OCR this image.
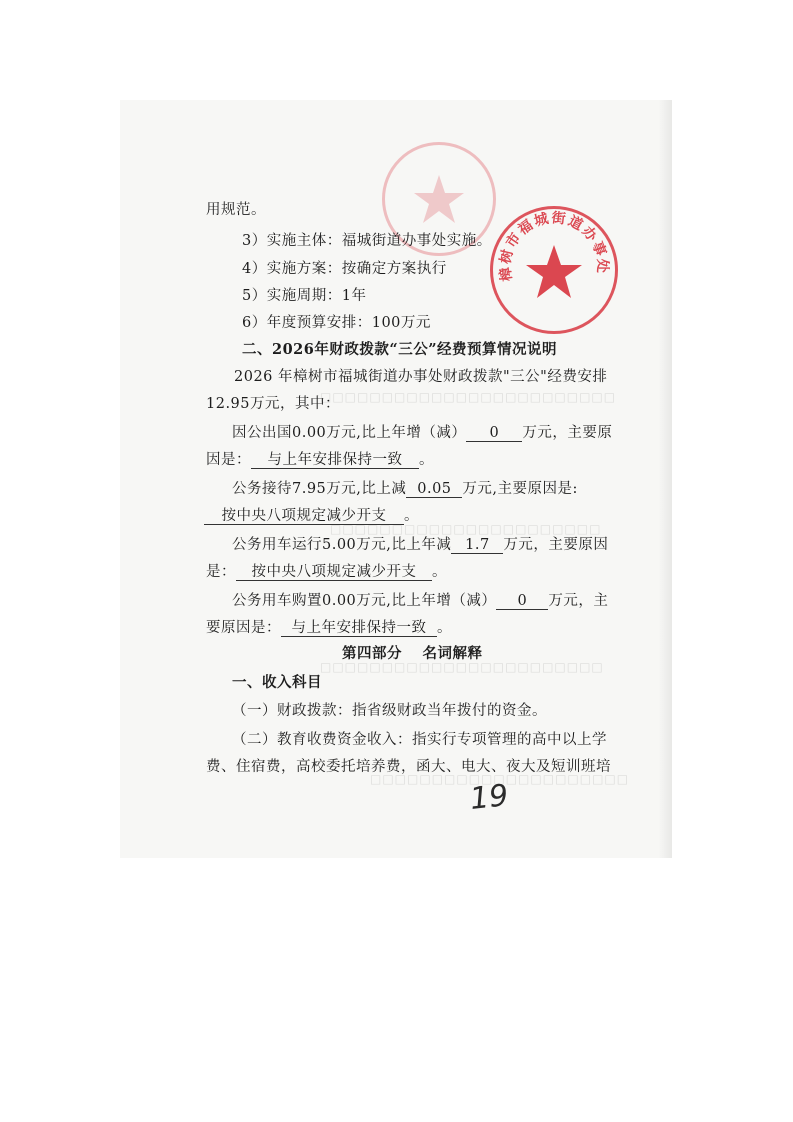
□□□□□□□□□□□□□□□□□□□□□□□□
□□□□□□□□□□□□□□□□□□□□□□
□□□□□□□□□□□□□□□□□□□□□□□
□□□□□□□□□□□□□□□□□□□□□
樟树市福城街道办事处
用规范。
3）实施主体：福城街道办事处实施。
4）实施方案：按确定方案执行
5）实施周期：1年
6）年度预算安排：100万元
二、2026年财政拨款“三公”经费预算情况说明
2026 年樟树市福城街道办事处财政拨款"三公"经费安排
12.95万元，其中：
因公出国0.00万元,比上年增（减） 0 万元，主要原
因是： 与上年安排保持一致 。
公务接待7.95万元,比上减 0.05 万元,主要原因是:
按中央八项规定减少开支 。
公务用车运行5.00万元,比上年减 1.7 万元，主要原因
是： 按中央八项规定减少开支 。
公务用车购置0.00万元,比上年增（减） 0 万元，主
要原因是： 与上年安排保持一致 。
第四部分　 名词解释
一、收入科目
（一）财政拨款：指省级财政当年拨付的资金。
（二）教育收费资金收入：指实行专项管理的高中以上学
费、住宿费，高校委托培养费，函大、电大、夜大及短训班培
19
